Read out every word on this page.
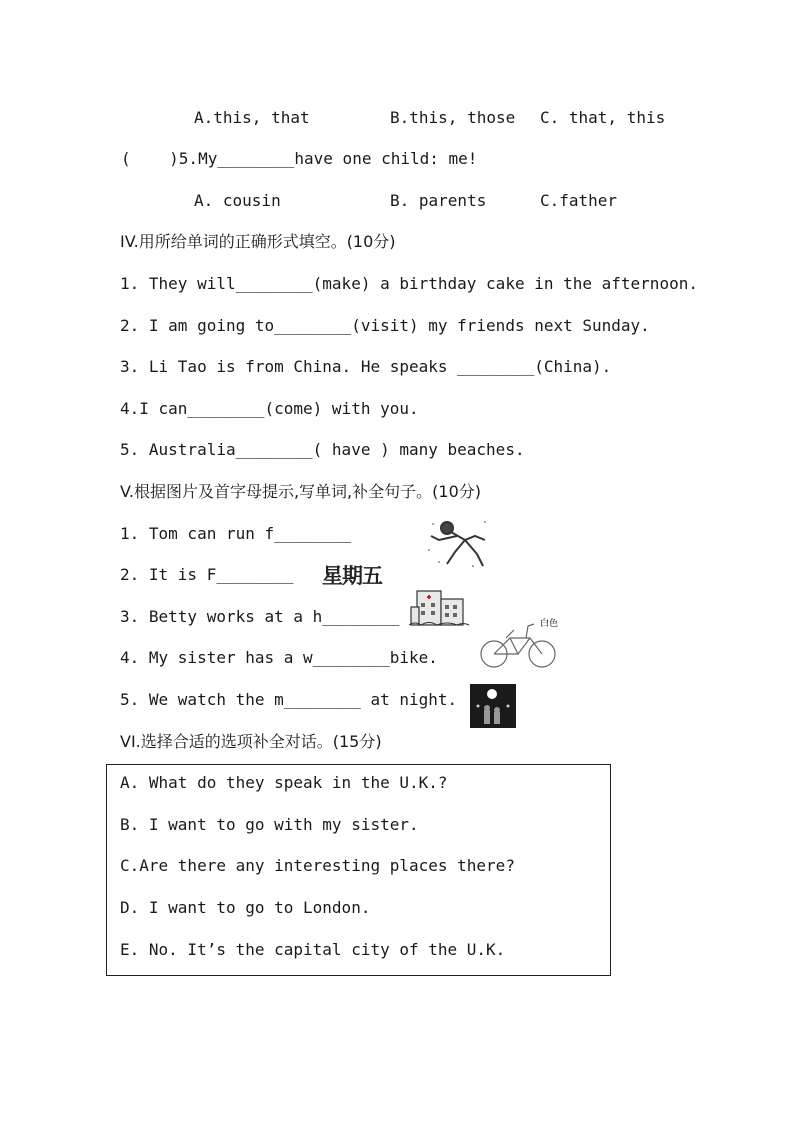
A.this, that	B.this, those C. that, this
(    )5.My________have one child: me!
A. cousin	B. parents	C.father
IV.用所给单词的正确形式填空。(10分)
1. They will________(make) a birthday cake in the afternoon.
2. I am going to________(visit) my friends next Sunday.
3. Li Tao is from China. He speaks ________(China).
4.I can________(come) with you.
5. Australia________( have ) many beaches.
V.根据图片及首字母提示,写单词,补全句子。(10分)
1. Tom can run f________
2. It is F________
3. Betty works at a h________
4. My sister has a w________bike.
5. We watch the m________ at night.
星期五
白色
VI.选择合适的选项补全对话。(15分)
A. What do they speak in the U.K.?
B. I want to go with my sister.
C.Are there any interesting places there?
D. I want to go to London.
E. No. It’s the capital city of the U.K.
